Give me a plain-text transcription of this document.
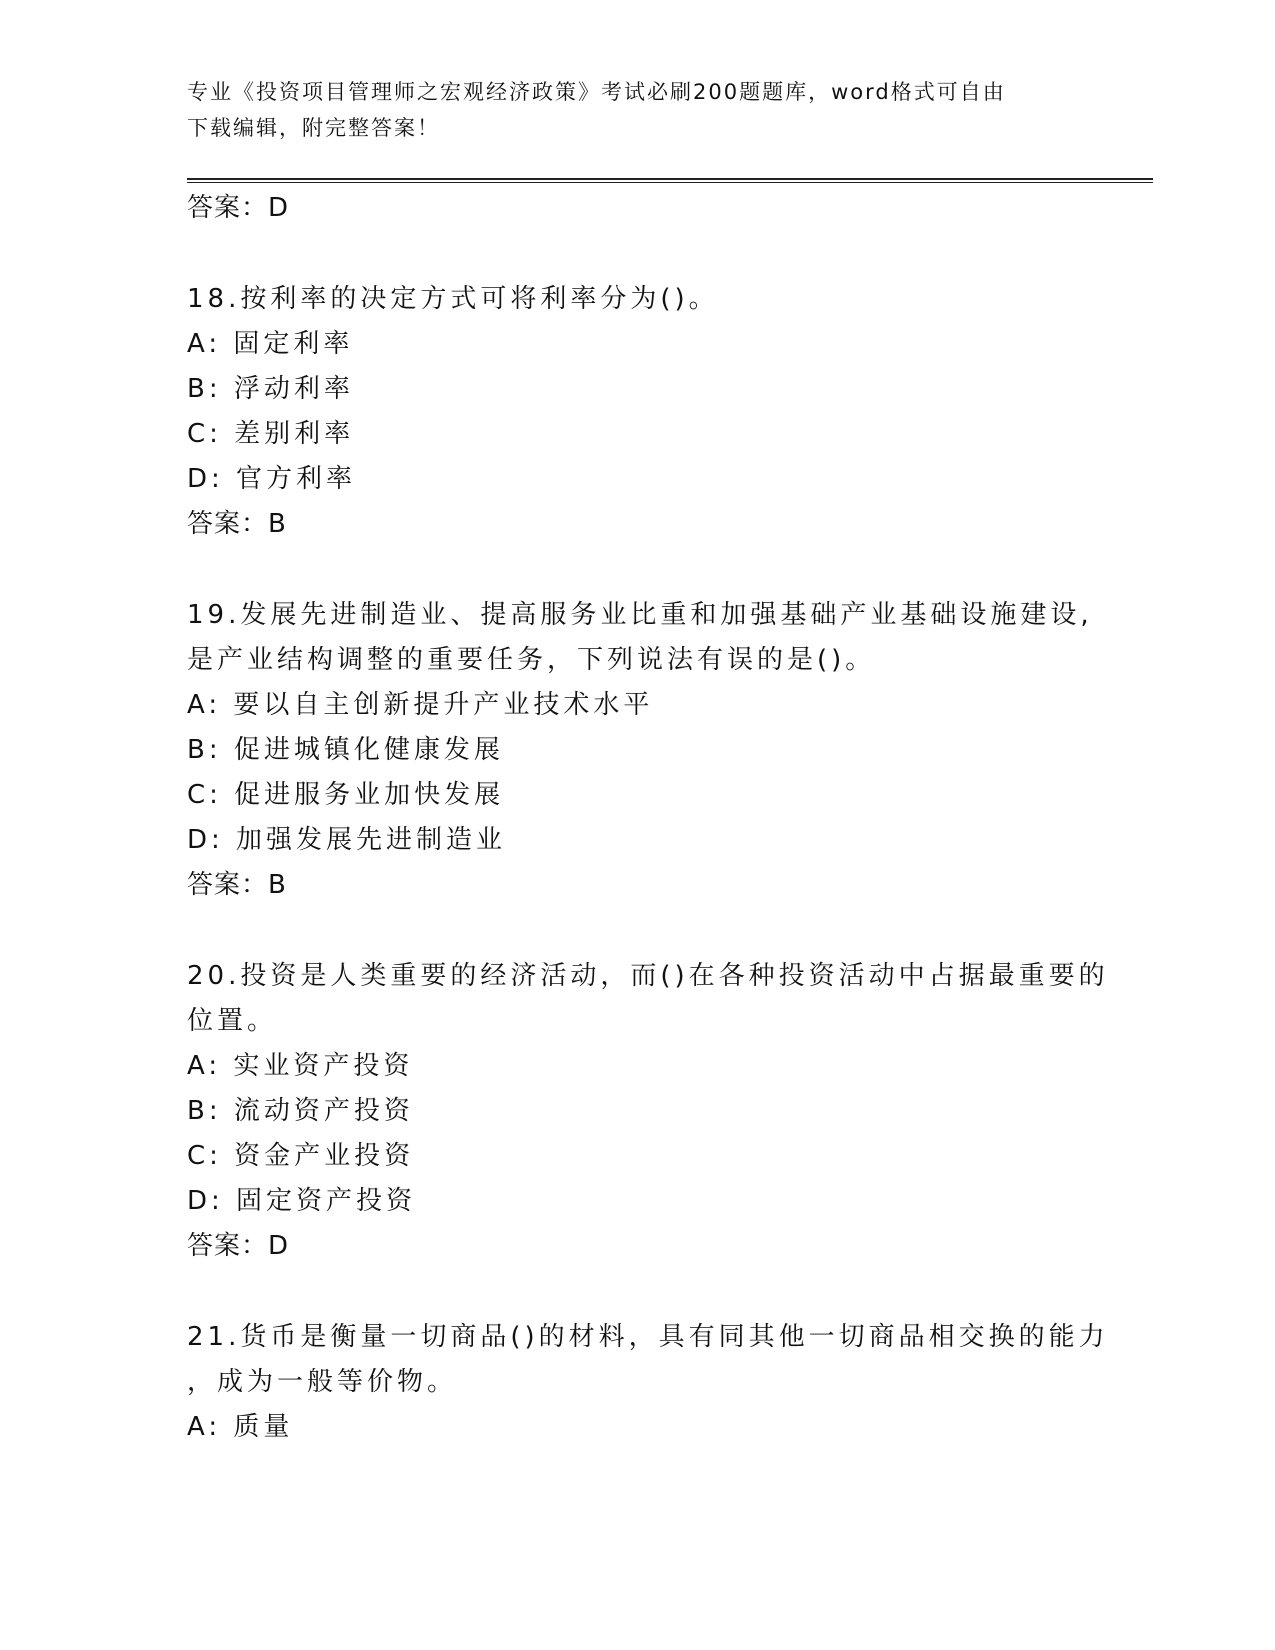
专业《投资项目管理师之宏观经济政策》考试必刷200题题库，word格式可自由
下载编辑，附完整答案！
答案：D
18.按利率的决定方式可将利率分为()。
A: 固定利率
B: 浮动利率
C: 差别利率
D: 官方利率
答案：B
19.发展先进制造业、提高服务业比重和加强基础产业基础设施建设,
是产业结构调整的重要任务，下列说法有误的是()。
A: 要以自主创新提升产业技术水平
B: 促进城镇化健康发展
C: 促进服务业加快发展
D: 加强发展先进制造业
答案：B
20.投资是人类重要的经济活动，而()在各种投资活动中占据最重要的
位置。
A: 实业资产投资
B: 流动资产投资
C: 资金产业投资
D: 固定资产投资
答案：D
21.货币是衡量一切商品()的材料，具有同其他一切商品相交换的能力
，成为一般等价物。
A: 质量
